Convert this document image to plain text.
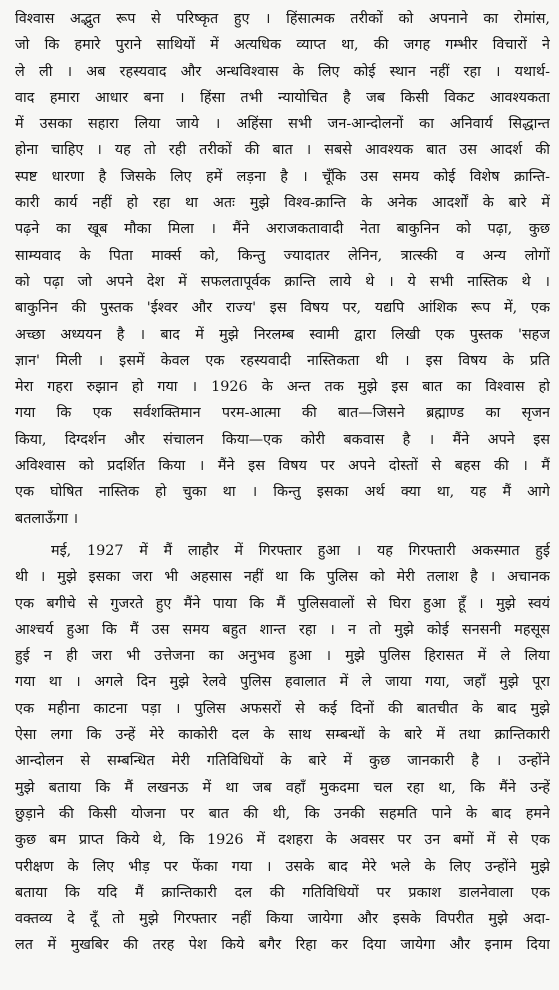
विश्वास अद्भुत रूप से परिष्कृत हुए । हिंसात्मक तरीकों को अपनाने का रोमांस,
जो कि हमारे पुराने साथियों में अत्यधिक व्याप्त था, की जगह गम्भीर विचारों ने
ले ली । अब रहस्यवाद और अन्धविश्वास के लिए कोई स्थान नहीं रहा । यथार्थ-
वाद हमारा आधार बना । हिंसा तभी न्यायोचित है जब किसी विकट आवश्यकता
में उसका सहारा लिया जाये । अहिंसा सभी जन-आन्दोलनों का अनिवार्य सिद्धान्त
होना चाहिए । यह तो रही तरीकों की बात । सबसे आवश्यक बात उस आदर्श की
स्पष्ट धारणा है जिसके लिए हमें लड़ना है । चूँकि उस समय कोई विशेष क्रान्ति-
कारी कार्य नहीं हो रहा था अतः मुझे विश्व-क्रान्ति के अनेक आदर्शों के बारे में
पढ़ने का खूब मौका मिला । मैंने अराजकतावादी नेता बाकुनिन को पढ़ा, कुछ
साम्यवाद के पिता मार्क्स को, किन्तु ज्यादातर लेनिन, त्रात्स्की व अन्य लोगों
को पढ़ा जो अपने देश में सफलतापूर्वक क्रान्ति लाये थे । ये सभी नास्तिक थे ।
बाकुनिन की पुस्तक 'ईश्वर और राज्य' इस विषय पर, यद्यपि आंशिक रूप में, एक
अच्छा अध्ययन है । बाद में मुझे निरलम्ब स्वामी द्वारा लिखी एक पुस्तक 'सहज
ज्ञान' मिली । इसमें केवल एक रहस्यवादी नास्तिकता थी । इस विषय के प्रति
मेरा गहरा रुझान हो गया । 1926 के अन्त तक मुझे इस बात का विश्वास हो
गया कि एक सर्वशक्तिमान परम-आत्मा की बात—जिसने ब्रह्माण्ड का सृजन
किया, दिग्दर्शन और संचालन किया—एक कोरी बकवास है । मैंने अपने इस
अविश्वास को प्रदर्शित किया । मैंने इस विषय पर अपने दोस्तों से बहस की । मैं
एक घोषित नास्तिक हो चुका था । किन्तु इसका अर्थ क्या था, यह मैं आगे
बतलाऊँगा ।
मई, 1927 में मैं लाहौर में गिरफ्तार हुआ । यह गिरफ्तारी अकस्मात हुई
थी । मुझे इसका जरा भी अहसास नहीं था कि पुलिस को मेरी तलाश है । अचानक
एक बगीचे से गुजरते हुए मैंने पाया कि मैं पुलिसवालों से घिरा हुआ हूँ । मुझे स्वयं
आश्चर्य हुआ कि मैं उस समय बहुत शान्त रहा । न तो मुझे कोई सनसनी महसूस
हुई न ही जरा भी उत्तेजना का अनुभव हुआ । मुझे पुलिस हिरासत में ले लिया
गया था । अगले दिन मुझे रेलवे पुलिस हवालात में ले जाया गया, जहाँ मुझे पूरा
एक महीना काटना पड़ा । पुलिस अफसरों से कई दिनों की बातचीत के बाद मुझे
ऐसा लगा कि उन्हें मेरे काकोरी दल के साथ सम्बन्धों के बारे में तथा क्रान्तिकारी
आन्दोलन से सम्बन्धित मेरी गतिविधियों के बारे में कुछ जानकारी है । उन्होंने
मुझे बताया कि मैं लखनऊ में था जब वहाँ मुकदमा चल रहा था, कि मैंने उन्हें
छुड़ाने की किसी योजना पर बात की थी, कि उनकी सहमति पाने के बाद हमने
कुछ बम प्राप्त किये थे, कि 1926 में दशहरा के अवसर पर उन बमों में से एक
परीक्षण के लिए भीड़ पर फेंका गया । उसके बाद मेरे भले के लिए उन्होंने मुझे
बताया कि यदि मैं क्रान्तिकारी दल की गतिविधियों पर प्रकाश डालनेवाला एक
वक्तव्य दे दूँ तो मुझे गिरफ्तार नहीं किया जायेगा और इसके विपरीत मुझे अदा-
लत में मुखबिर की तरह पेश किये बगैर रिहा कर दिया जायेगा और इनाम दिया
